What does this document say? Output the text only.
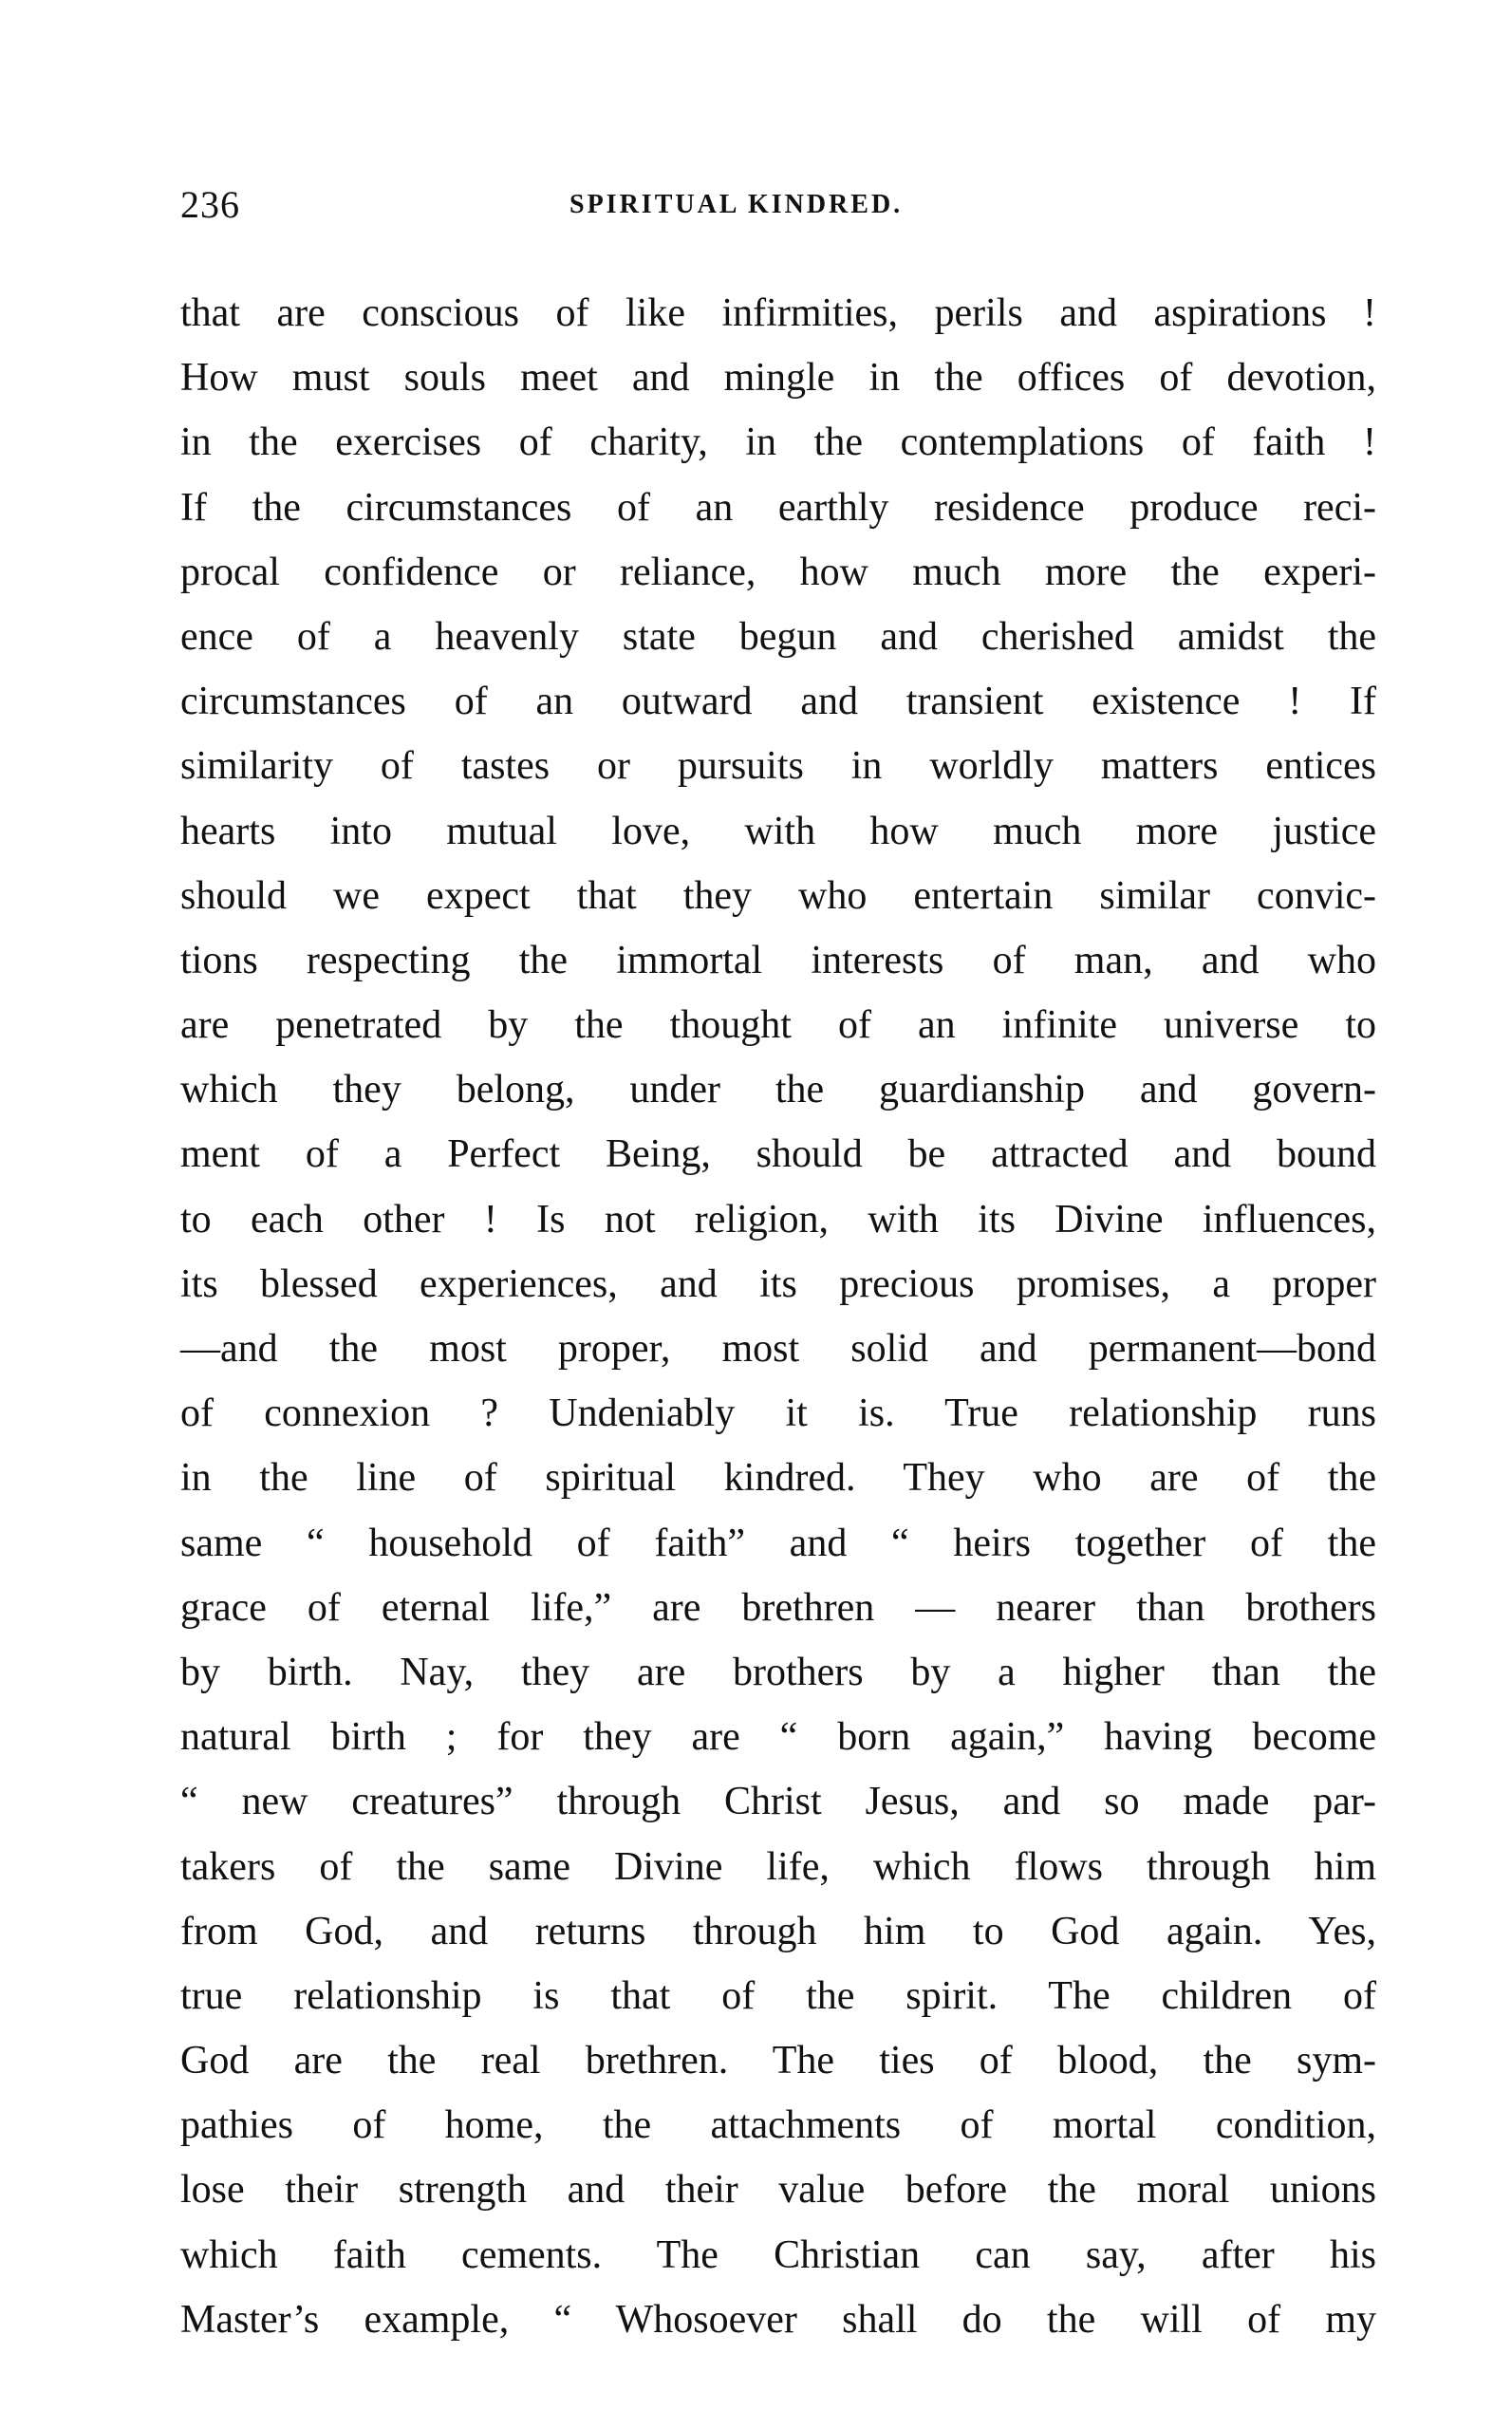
236	SPIRITUAL KINDRED.
that are conscious of like infirmities, perils and aspirations !
How must souls meet and mingle in the offices of devotion,
in the exercises of charity, in the contemplations of faith !
If the circumstances of an earthly residence produce reci-
procal confidence or reliance, how much more the experi-
ence of a heavenly state begun and cherished amidst the
circumstances of an outward and transient existence ! If
similarity of tastes or pursuits in worldly matters entices
hearts into mutual love, with how much more justice
should we expect that they who entertain similar convic-
tions respecting the immortal interests of man, and who
are penetrated by the thought of an infinite universe to
which they belong, under the guardianship and govern-
ment of a Perfect Being, should be attracted and bound
to each other ! Is not religion, with its Divine influences,
its blessed experiences, and its precious promises, a proper
—and the most proper, most solid and permanent—bond
of connexion ? Undeniably it is. True relationship runs
in the line of spiritual kindred. They who are of the
same “ household of faith” and “ heirs together of the
grace of eternal life,” are brethren — nearer than brothers
by birth. Nay, they are brothers by a higher than the
natural birth ; for they are “ born again,” having become
“ new creatures” through Christ Jesus, and so made par-
takers of the same Divine life, which flows through him
from God, and returns through him to God again. Yes,
true relationship is that of the spirit. The children of
God are the real brethren. The ties of blood, the sym-
pathies of home, the attachments of mortal condition,
lose their strength and their value before the moral unions
which faith cements. The Christian can say, after his
Master’s example, “ Whosoever shall do the will of my
